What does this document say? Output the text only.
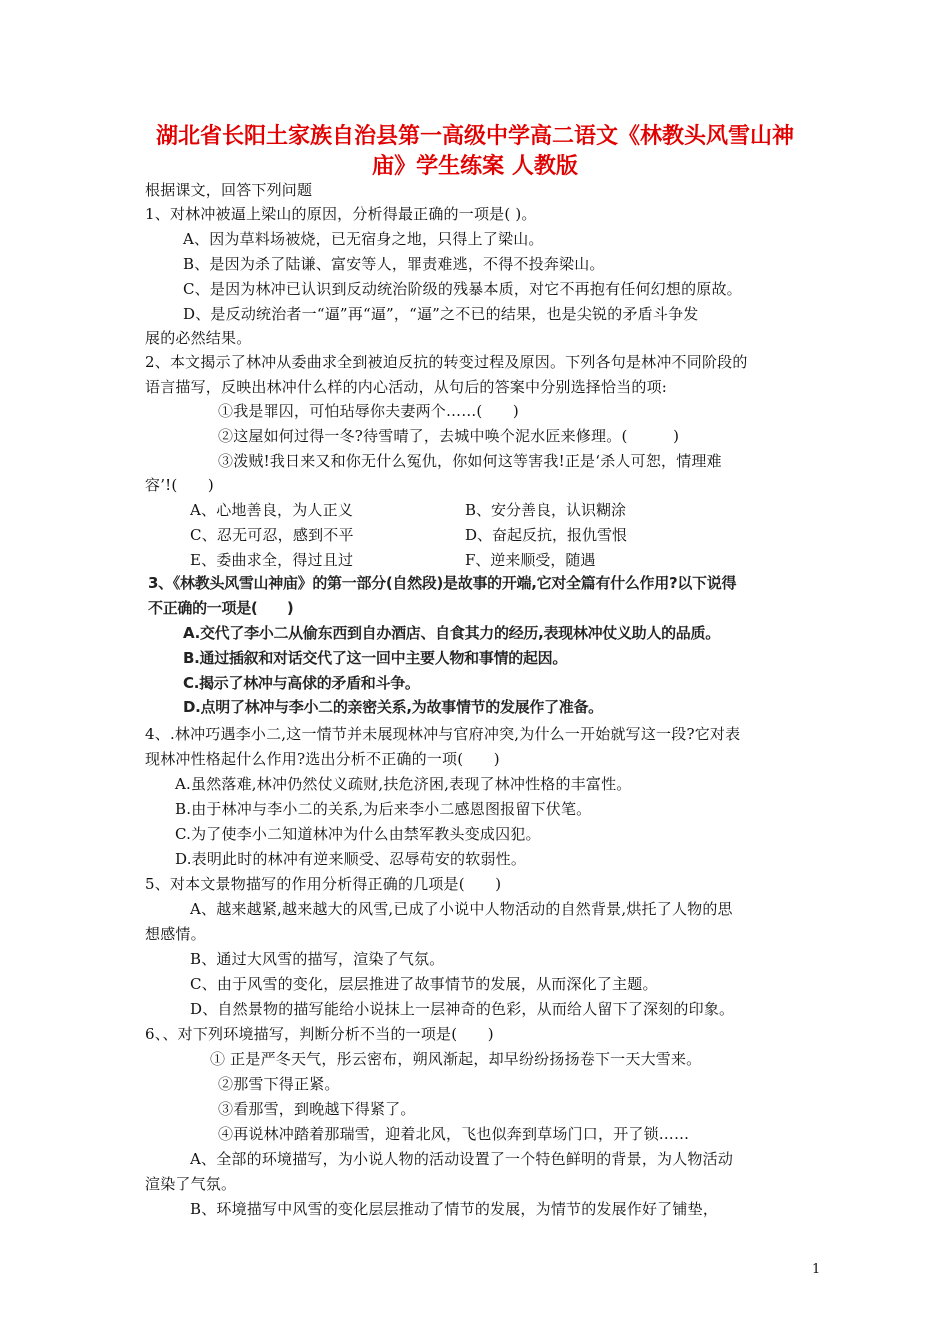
湖北省长阳土家族自治县第一高级中学高二语文《林教头风雪山神
庙》学生练案 人教版
根据课文，回答下列问题
1、对林冲被逼上梁山的原因，分析得最正确的一项是( )。
A、因为草料场被烧，已无宿身之地，只得上了梁山。
B、是因为杀了陆谦、富安等人，罪责难逃，不得不投奔梁山。
C、是因为林冲已认识到反动统治阶级的残暴本质，对它不再抱有任何幻想的原故。
D、是反动统治者一“逼”再“逼”，“逼”之不已的结果，也是尖锐的矛盾斗争发
展的必然结果。
2、本文揭示了林冲从委曲求全到被迫反抗的转变过程及原因。下列各句是林冲不同阶段的
语言描写，反映出林冲什么样的内心活动，从句后的答案中分别选择恰当的项:
①我是罪囚，可怕玷辱你夫妻两个……(　　)
②这屋如何过得一冬?待雪晴了，去城中唤个泥水匠来修理。(　　　)
③泼贼!我日来又和你无什么冤仇，你如何这等害我!正是‘杀人可恕，情理难
容’!(　　)
A、心地善良，为人正义	B、安分善良，认识糊涂
C、忍无可忍，感到不平	D、奋起反抗，报仇雪恨
E、委曲求全，得过且过	F、逆来顺受，随遇
3、《林教头风雪山神庙》的第一部分(自然段)是故事的开端,它对全篇有什么作用?以下说得
不正确的一项是(　　)
A.交代了李小二从偷东西到自办酒店、自食其力的经历,表现林冲仗义助人的品质。
B.通过插叙和对话交代了这一回中主要人物和事情的起因。
C.揭示了林冲与高俅的矛盾和斗争。
D.点明了林冲与李小二的亲密关系,为故事情节的发展作了准备。
4、.林冲巧遇李小二,这一情节并未展现林冲与官府冲突,为什么一开始就写这一段?它对表
现林冲性格起什么作用?选出分析不正确的一项(　　)
A.虽然落难,林冲仍然仗义疏财,扶危济困,表现了林冲性格的丰富性。
B.由于林冲与李小二的关系,为后来李小二感恩图报留下伏笔。
C.为了使李小二知道林冲为什么由禁军教头变成囚犯。
D.表明此时的林冲有逆来顺受、忍辱苟安的软弱性。
5、对本文景物描写的作用分析得正确的几项是(　　)
A、越来越紧,越来越大的风雪,已成了小说中人物活动的自然背景,烘托了人物的思
想感情。
B、通过大风雪的描写，渲染了气氛。
C、由于风雪的变化，层层推进了故事情节的发展，从而深化了主题。
D、自然景物的描写能给小说抹上一层神奇的色彩，从而给人留下了深刻的印象。
6、、对下列环境描写，判断分析不当的一项是(　　)
① 正是严冬天气，彤云密布，朔风渐起，却早纷纷扬扬卷下一天大雪来。
②那雪下得正紧。
③看那雪，到晚越下得紧了。
④再说林冲踏着那瑞雪，迎着北风，飞也似奔到草场门口，开了锁……
A、全部的环境描写，为小说人物的活动设置了一个特色鲜明的背景，为人物活动
渲染了气氛。
B、环境描写中风雪的变化层层推动了情节的发展，为情节的发展作好了铺垫，
1
